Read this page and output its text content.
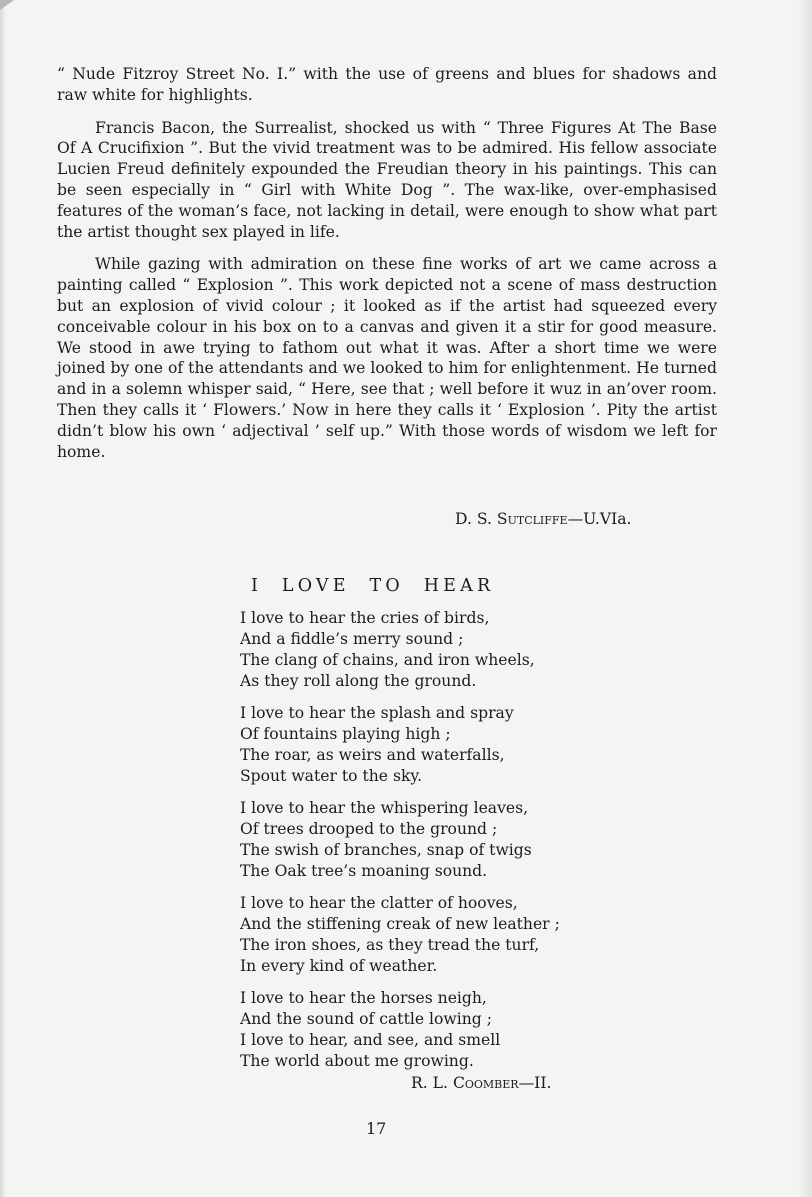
“ Nude Fitzroy Street No. I.” with the use of greens and blues for shadows and raw white for highlights.

Francis Bacon, the Surrealist, shocked us with “ Three Figures At The Base Of A Crucifixion ”. But the vivid treatment was to be admired. His fellow associate Lucien Freud definitely expounded the Freudian theory in his paintings. This can be seen especially in “ Girl with White Dog ”. The wax-like, over-emphasised features of the woman’s face, not lacking in detail, were enough to show what part the artist thought sex played in life.

While gazing with admiration on these fine works of art we came across a painting called “ Explosion ”. This work depicted not a scene of mass destruction but an explosion of vivid colour ; it looked as if the artist had squeezed every conceivable colour in his box on to a canvas and given it a stir for good measure. We stood in awe trying to fathom out what it was. After a short time we were joined by one of the attendants and we looked to him for enlightenment. He turned and in a solemn whisper said, “ Here, see that ; well before it wuz in an’over room. Then they calls it ‘ Flowers.’ Now in here they calls it ‘ Explosion ’. Pity the artist didn’t blow his own ‘ adjectival ’ self up.” With those words of wisdom we left for home.

D. S. Sutcliffe—U.VIa.
I LOVE TO HEAR
I love to hear the cries of birds,
And a fiddle’s merry sound ;
The clang of chains, and iron wheels,
As they roll along the ground.
I love to hear the splash and spray
Of fountains playing high ;
The roar, as weirs and waterfalls,
Spout water to the sky.
I love to hear the whispering leaves,
Of trees drooped to the ground ;
The swish of branches, snap of twigs
The Oak tree’s moaning sound.
I love to hear the clatter of hooves,
And the stiffening creak of new leather ;
The iron shoes, as they tread the turf,
In every kind of weather.
I love to hear the horses neigh,
And the sound of cattle lowing ;
I love to hear, and see, and smell
The world about me growing.
R. L. Coomber—II.
17
